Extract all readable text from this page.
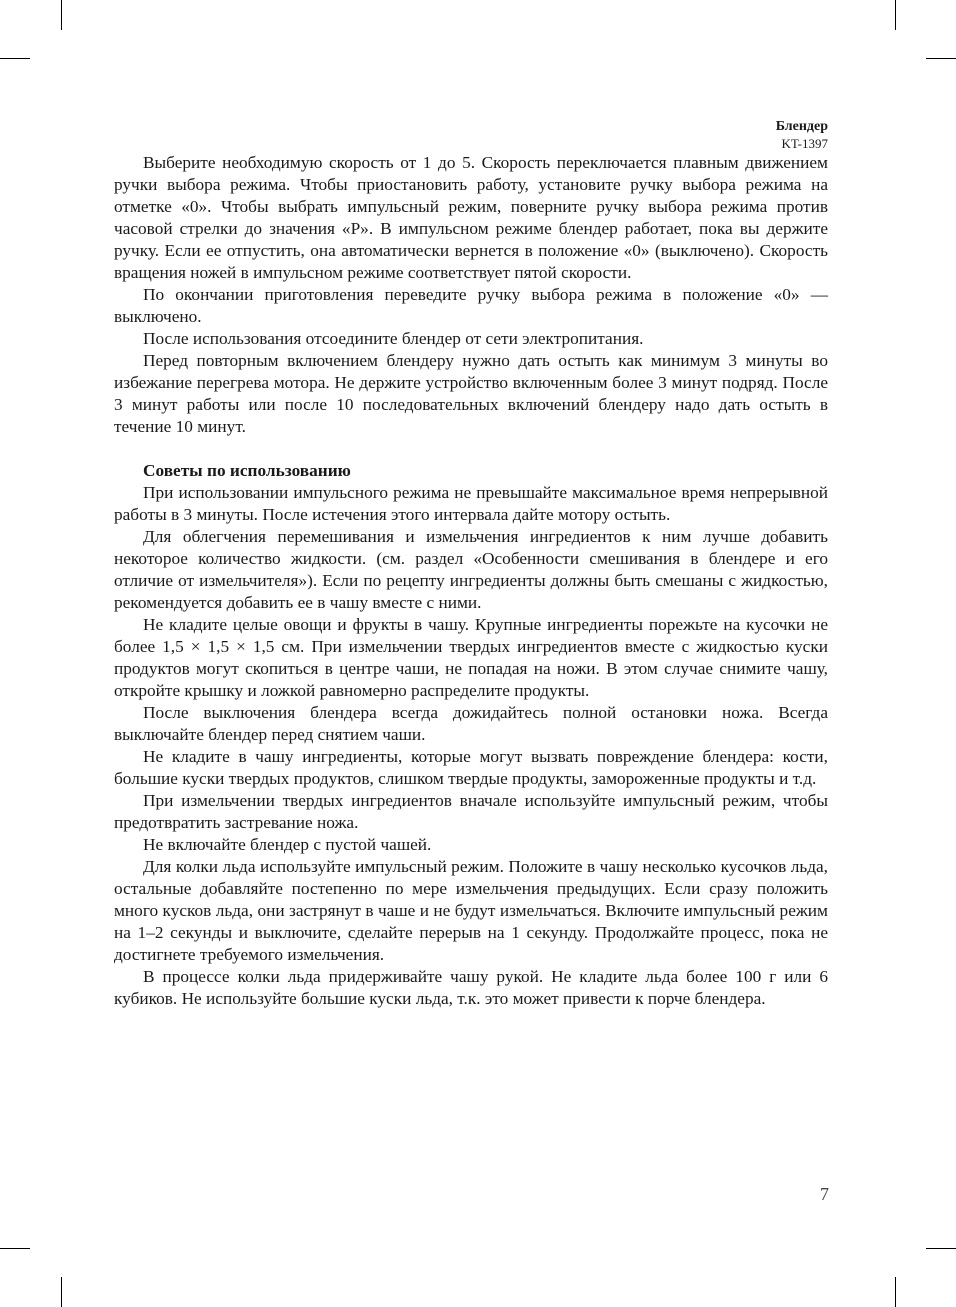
Блендер
KT-1397

Выберите необходимую скорость от 1 до 5. Скорость переключается плавным движением ручки выбора режима. Чтобы приостановить работу, установите ручку выбора режима на отметке «0». Чтобы выбрать импульсный режим, поверните ручку выбора режима против часовой стрелки до значения «P». В импульсном режиме блендер работает, пока вы держите ручку. Если ее отпустить, она автоматически вернется в положение «0» (выключено). Скорость вращения ножей в импульсном режиме соответствует пятой скорости.

По окончании приготовления переведите ручку выбора режима в положение «0» — выключено.

После использования отсоедините блендер от сети электропитания.

Перед повторным включением блендеру нужно дать остыть как минимум 3 минуты во избежание перегрева мотора. Не держите устройство включенным более 3 минут подряд. После 3 минут работы или после 10 последовательных включений блендеру надо дать остыть в течение 10 минут.

Советы по использованию

При использовании импульсного режима не превышайте максимальное время непрерывной работы в 3 минуты. После истечения этого интервала дайте мотору остыть.

Для облегчения перемешивания и измельчения ингредиентов к ним лучше добавить некоторое количество жидкости. (см. раздел «Особенности смешивания в блендере и его отличие от измельчителя»). Если по рецепту ингредиенты должны быть смешаны с жидкостью, рекомендуется добавить ее в чашу вместе с ними.

Не кладите целые овощи и фрукты в чашу. Крупные ингредиенты порежьте на кусочки не более 1,5 × 1,5 × 1,5 см. При измельчении твердых ингредиентов вместе с жидкостью куски продуктов могут скопиться в центре чаши, не попадая на ножи. В этом случае снимите чашу, откройте крышку и ложкой равномерно распределите продукты.

После выключения блендера всегда дожидайтесь полной остановки ножа. Всегда выключайте блендер перед снятием чаши.

Не кладите в чашу ингредиенты, которые могут вызвать повреждение блендера: кости, большие куски твердых продуктов, слишком твердые продукты, замороженные продукты и т.д.

При измельчении твердых ингредиентов вначале используйте импульсный режим, чтобы предотвратить застревание ножа.

Не включайте блендер с пустой чашей.

Для колки льда используйте импульсный режим. Положите в чашу несколько кусочков льда, остальные добавляйте постепенно по мере измельчения предыдущих. Если сразу положить много кусков льда, они застрянут в чаше и не будут измельчаться. Включите импульсный режим на 1–2 секунды и выключите, сделайте перерыв на 1 секунду. Продолжайте процесс, пока не достигнете требуемого измельчения.

В процессе колки льда придерживайте чашу рукой. Не кладите льда более 100 г или 6 кубиков. Не используйте большие куски льда, т.к. это может привести к порче блендера.

7
